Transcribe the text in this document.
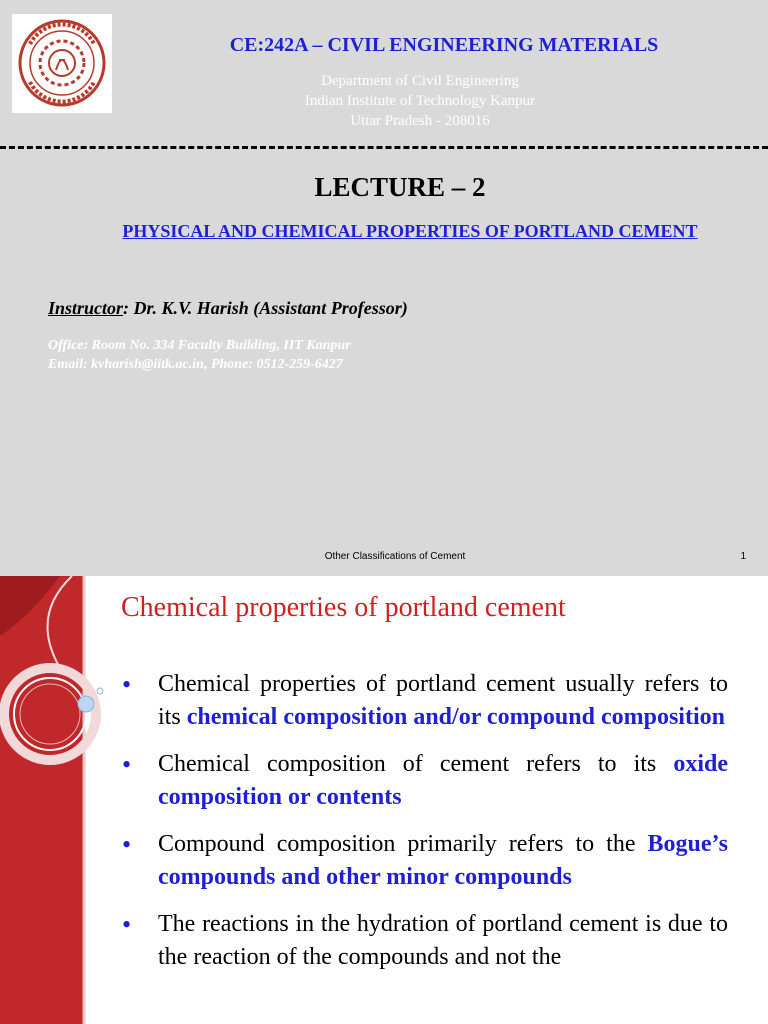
CE:242A – CIVIL ENGINEERING MATERIALS
Department of Civil Engineering
Indian Institute of Technology Kanpur
Uttar Pradesh - 208016
LECTURE – 2
PHYSICAL AND CHEMICAL PROPERTIES OF PORTLAND CEMENT
Instructor: Dr. K.V. Harish (Assistant Professor)
Office: Room No. 334 Faculty Building, IIT Kanpur
Email: kvharish@iitk.ac.in, Phone: 0512-259-6427
Other Classifications of Cement	1
Chemical properties of portland cement
• Chemical properties of portland cement usually refers to its chemical composition and/or compound composition
• Chemical composition of cement refers to its oxide composition or contents
• Compound composition primarily refers to the Bogue’s compounds and other minor compounds
• The reactions in the hydration of portland cement is due to the reaction of the compounds and not the
